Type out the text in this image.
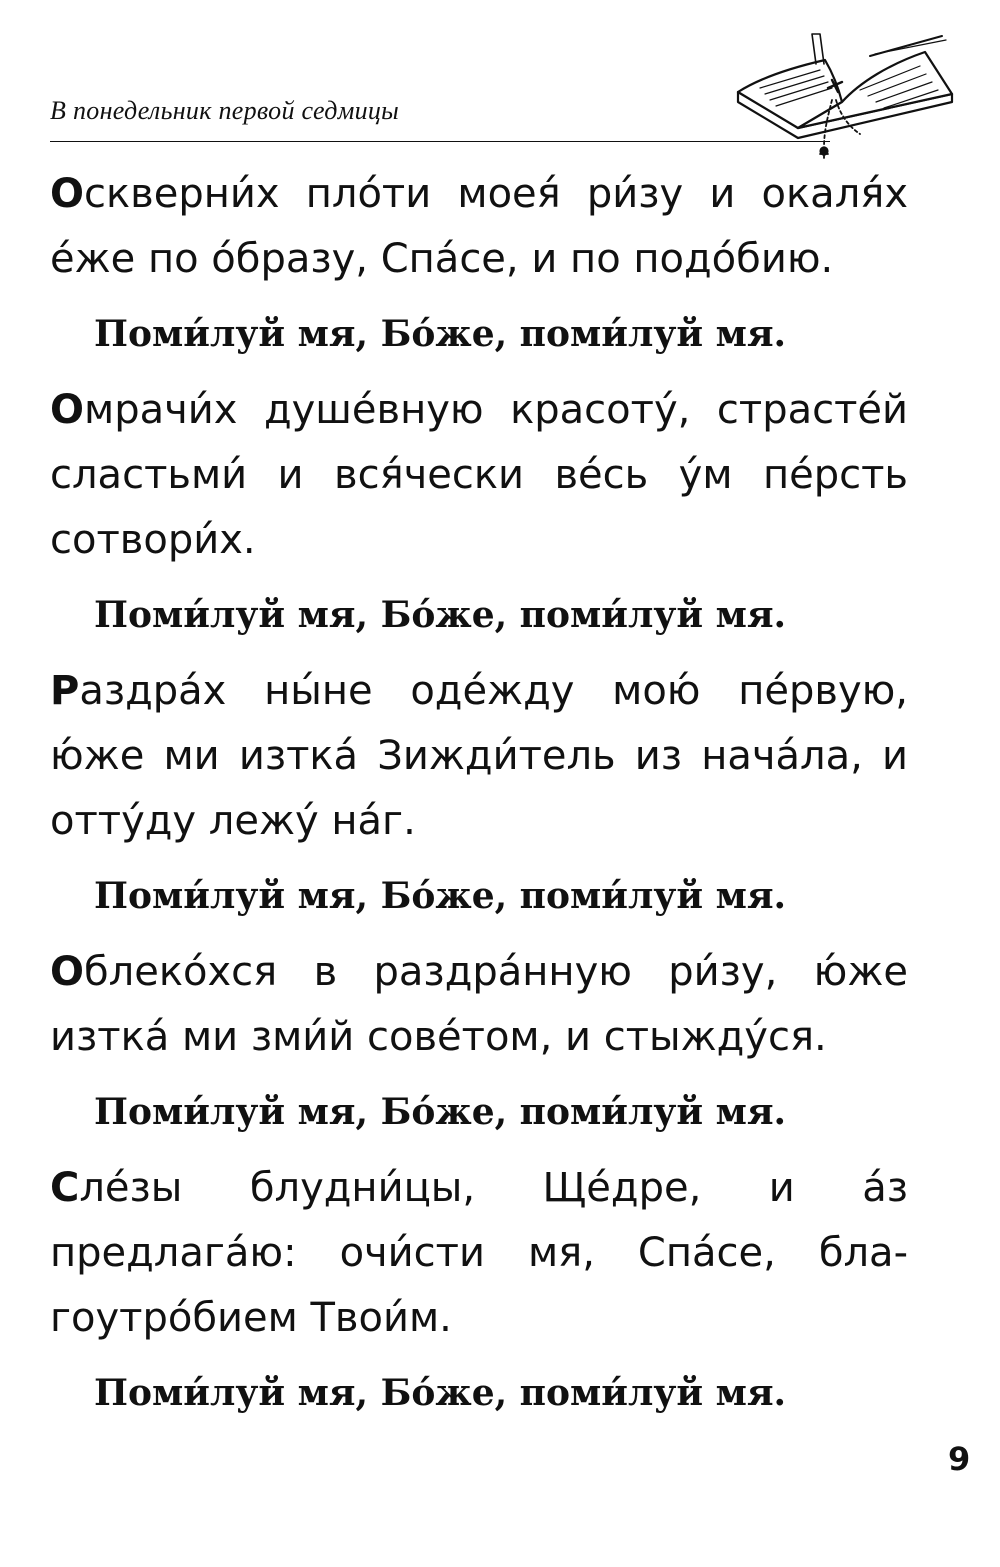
В понедельник первой седмицы

Оскверни́х пло́ти моея́ ри́зу и окаля́х е́же по о́бразу, Спа́се, и по подо́бию.

Поми́луй мя, Бо́же, поми́луй мя.

Омрачи́х душе́вную красоту́, страсте́й сластьми́ и вся́чески ве́сь у́м пе́рсть сотвори́х.

Поми́луй мя, Бо́же, поми́луй мя.

Раздра́х ны́не оде́жду мою́ пе́рвую, ю́же ми изтка́ Зижди́тель из нача́ла, и отту́ду лежу́ на́г.

Поми́луй мя, Бо́же, поми́луй мя.

Облеко́хся в раздра́нную ри́зу, ю́же изтка́ ми зми́й сове́том, и стыжду́ся.

Поми́луй мя, Бо́же, поми́луй мя.

Сле́зы блудни́цы, Ще́дре, и а́з предлага́ю: очи́сти мя, Спа́се, благоутро́бием Твои́м.

Поми́луй мя, Бо́же, поми́луй мя.
9
